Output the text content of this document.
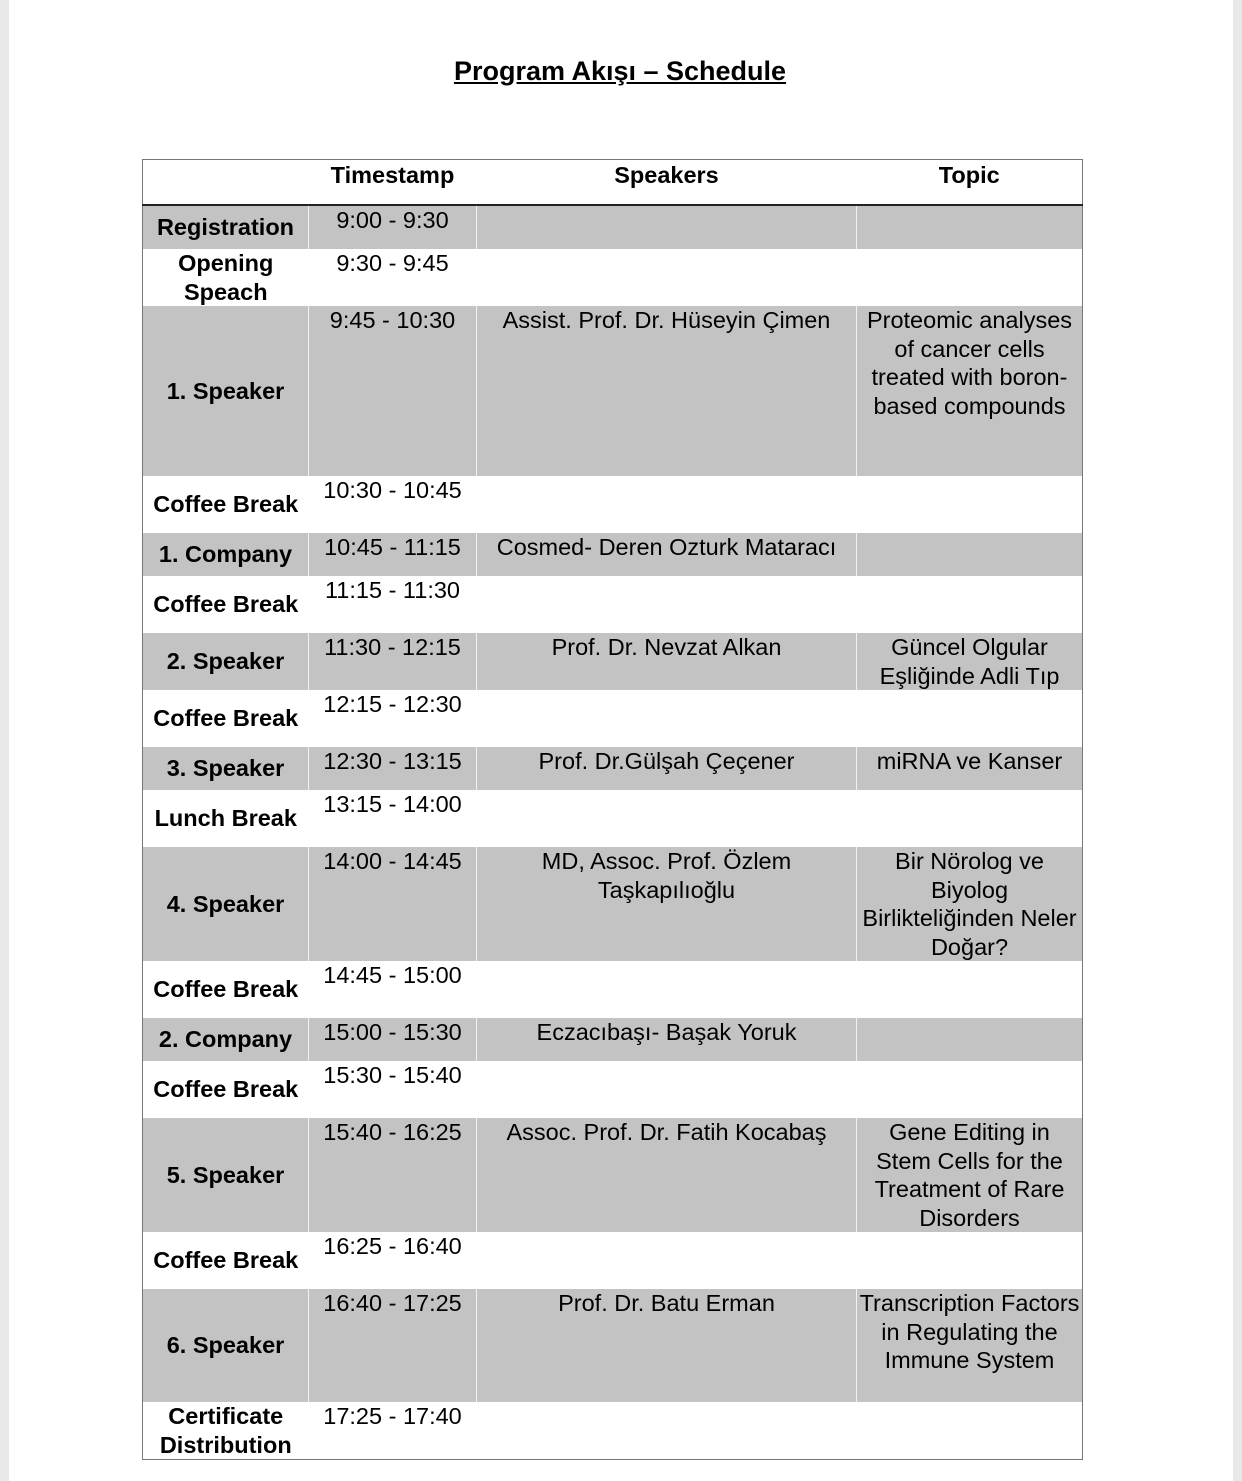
Program Akışı – Schedule
	Timestamp	Speakers	Topic
Registration	9:00 - 9:30		
Opening Speach	9:30 - 9:45		
1. Speaker	9:45 - 10:30	Assist. Prof. Dr. Hüseyin Çimen	Proteomic analyses of cancer cells treated with boron-based compounds
Coffee Break	10:30 - 10:45		
1. Company	10:45 - 11:15	Cosmed- Deren Ozturk Mataracı	
Coffee Break	11:15 - 11:30		
2. Speaker	11:30 - 12:15	Prof. Dr. Nevzat Alkan	Güncel Olgular Eşliğinde Adli Tıp
Coffee Break	12:15 - 12:30		
3. Speaker	12:30 - 13:15	Prof. Dr.Gülşah Çeçener	miRNA ve Kanser
Lunch Break	13:15 - 14:00		
4. Speaker	14:00 - 14:45	MD, Assoc. Prof. Özlem Taşkapılıoğlu	Bir Nörolog ve Biyolog Birlikteliğinden Neler Doğar?
Coffee Break	14:45 - 15:00		
2. Company	15:00 - 15:30	Eczacıbaşı- Başak Yoruk	
Coffee Break	15:30 - 15:40		
5. Speaker	15:40 - 16:25	Assoc. Prof. Dr. Fatih Kocabaş	Gene Editing in Stem Cells for the Treatment of Rare Disorders
Coffee Break	16:25 - 16:40		
6. Speaker	16:40 - 17:25	Prof. Dr. Batu Erman	Transcription Factors in Regulating the Immune System
Certificate Distribution	17:25 - 17:40		
